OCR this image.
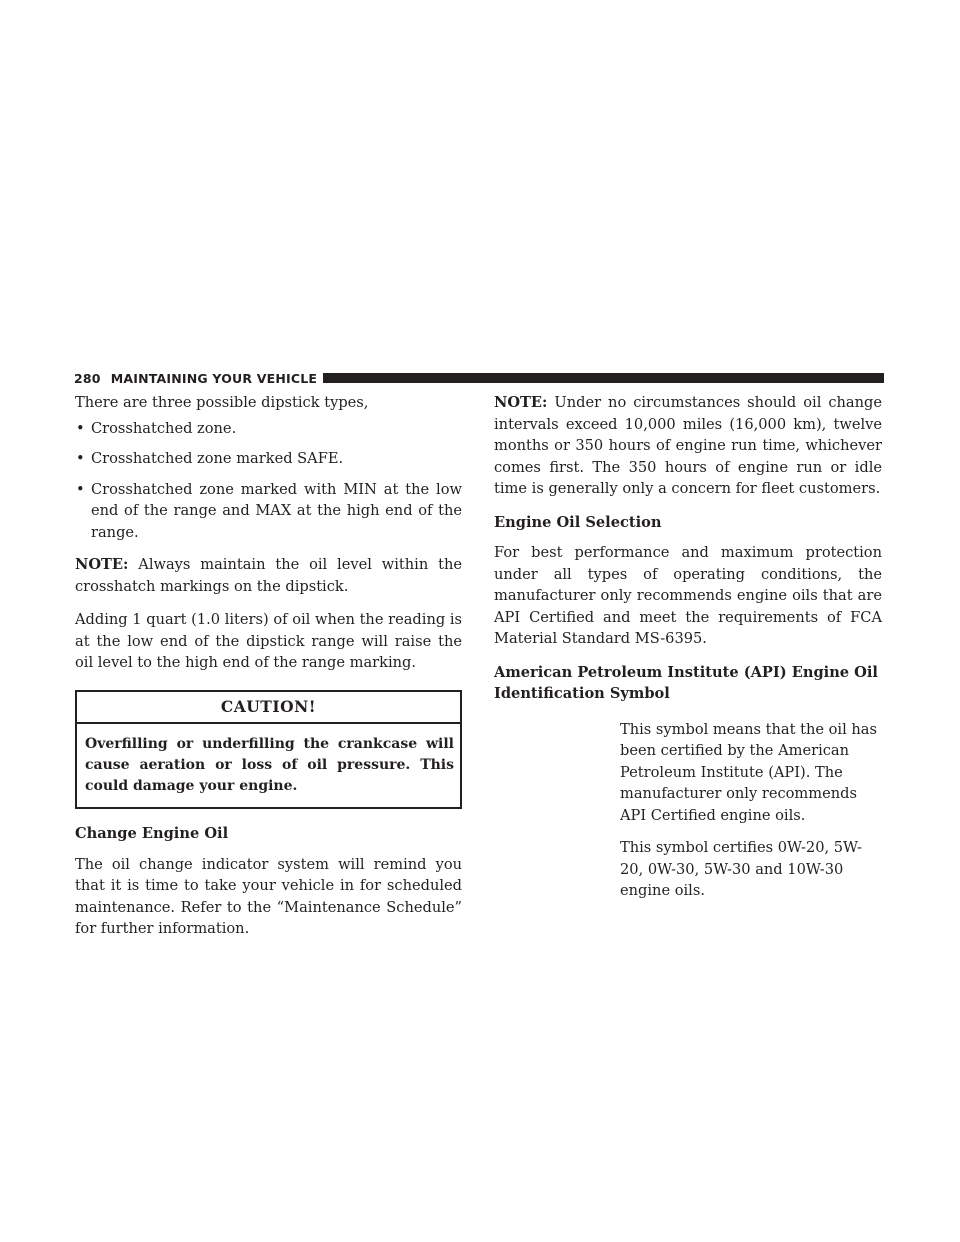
280 MAINTAINING YOUR VEHICLE

There are three possible dipstick types,

• Crosshatched zone.
• Crosshatched zone marked SAFE.
• Crosshatched zone marked with MIN at the low end of the range and MAX at the high end of the range.

NOTE: Always maintain the oil level within the crosshatch markings on the dipstick.

Adding 1 quart (1.0 liters) of oil when the reading is at the low end of the dipstick range will raise the oil level to the high end of the range marking.

CAUTION!
Overfilling or underfilling the crankcase will cause aeration or loss of oil pressure. This could damage your engine.
Change Engine Oil

The oil change indicator system will remind you that it is time to take your vehicle in for scheduled maintenance. Refer to the “Maintenance Schedule” for further information.

NOTE: Under no circumstances should oil change intervals exceed 10,000 miles (16,000 km), twelve months or 350 hours of engine run time, whichever comes first. The 350 hours of engine run or idle time is generally only a concern for fleet customers.

Engine Oil Selection

For best performance and maximum protection under all types of operating conditions, the manufacturer only recommends engine oils that are API Certified and meet the requirements of FCA Material Standard MS-6395.

American Petroleum Institute (API) Engine Oil Identification Symbol

This symbol means that the oil has been certified by the American Petroleum Institute (API). The manufacturer only recommends API Certified engine oils.

This symbol certifies 0W-20, 5W-20, 0W-30, 5W-30 and 10W-30 engine oils.
